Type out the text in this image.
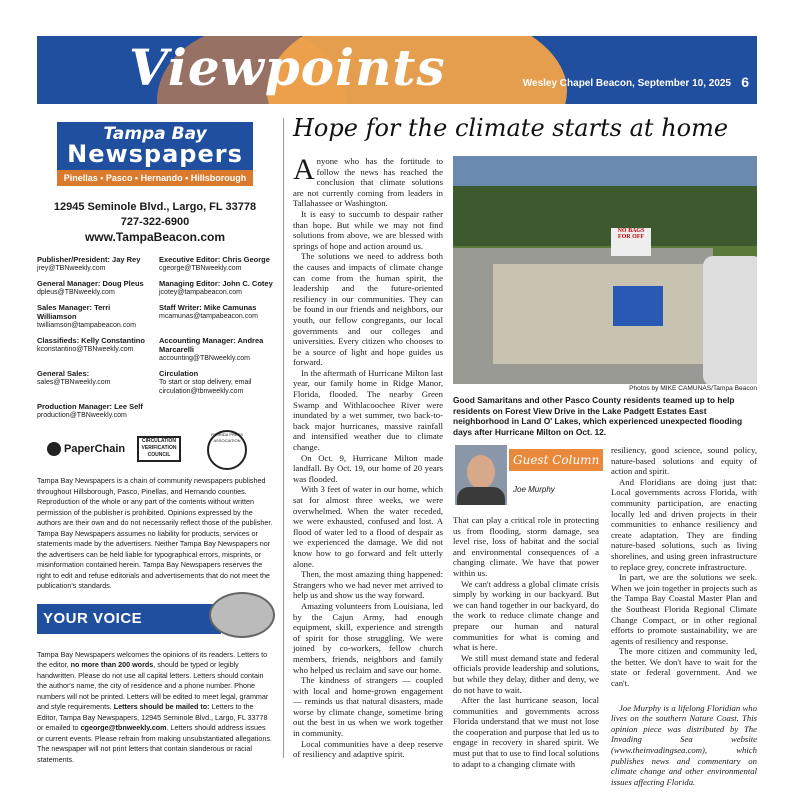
Viewpoints	Wesley Chapel Beacon, September 10, 2025 6
Tampa Bay
Newspapers
Pinellas • Pasco • Hernando • Hillsborough
12945 Seminole Blvd., Largo, FL 33778
727-322-6900
www.TampaBeacon.com
Publisher/President: Jay Rey
jrey@TBNweekly.com
Executive Editor: Chris George
cgeorge@TBNweekly.com
General Manager: Doug Pleus
dpleus@TBNweekly.com
Managing Editor: John C. Cotey
jcotey@tampabeacon.com
Sales Manager: Terri Williamson
twilliamson@tampabeacon.com
Staff Writer: Mike Camunas
mcamunas@tampabeacon.com
Classifieds: Kelly Constantino
kconstantino@TBNweekly.com
Accounting Manager: Andrea Marcarelli
accounting@TBNweekly.com
General Sales:
sales@TBNweekly.com
Circulation
To start or stop delivery, email circulation@tbnweekly.com
Production Manager: Lee Self
production@TBNweekly.com
PaperChain
CIRCULATION VERIFICATION COUNCIL
FLORIDA PRESS ASSOCIATION
Tampa Bay Newspapers is a chain of community newspapers published throughout Hillsborough, Pasco, Pinellas, and Hernando counties. Reproduction of the whole or any part of the contents without written permission of the publisher is prohibited. Opinions expressed by the authors are their own and do not necessarily reflect those of the publisher. Tampa Bay Newspapers assumes no liability for products, services or statements made by the advertisers. Neither Tampa Bay Newspapers nor the advertisers can be held liable for typographical errors, misprints, or misinformation contained herein. Tampa Bay Newspapers reserves the right to edit and refuse editorials and advertisements that do not meet the publication's standards.
YOUR VOICE
Tampa Bay Newspapers welcomes the opinions of its readers. Letters to the editor, no more than 200 words, should be typed or legibly handwritten. Please do not use all capital letters. Letters should contain the author's name, the city of residence and a phone number. Phone numbers will not be printed. Letters will be edited to meet legal, grammar and style requirements. Letters should be mailed to: Letters to the Editor, Tampa Bay Newspapers, 12945 Seminole Blvd., Largo, FL 33778 or emailed to cgeorge@tbnweekly.com. Letters should address issues or current events. Please refrain from making unsubstantiated allegations. The newspaper will not print letters that contain slanderous or racial statements.
Hope for the climate starts at home

Anyone who has the fortitude to follow the news has reached the conclusion that climate solutions are not currently coming from leaders in Tallahassee or Washington.

It is easy to succumb to despair rather than hope. But while we may not find solutions from above, we are blessed with springs of hope and action around us.

The solutions we need to address both the causes and impacts of climate change can come from the human spirit, the leadership and the future-oriented resiliency in our communities. They can be found in our friends and neighbors, our youth, our fellow congregants, our local governments and our colleges and universities. Every citizen who chooses to be a source of light and hope guides us forward.

In the aftermath of Hurricane Milton last year, our family home in Ridge Manor, Florida, flooded. The nearby Green Swamp and Withlacoochee River were inundated by a wet summer, two back-to-back major hurricanes, massive rainfall and intensified weather due to climate change.

On Oct. 9, Hurricane Milton made landfall. By Oct. 19, our home of 20 years was flooded.

With 3 feet of water in our home, which sat for almost three weeks, we were overwhelmed. When the water receded, we were exhausted, confused and lost. A flood of water led to a flood of despair as we experienced the damage. We did not know how to go forward and felt utterly alone.

Then, the most amazing thing happened: Strangers who we had never met arrived to help us and show us the way forward.

Amazing volunteers from Louisiana, led by the Cajun Army, had enough equipment, skill, experience and strength of spirit for those struggling. We were joined by co-workers, fellow church members, friends, neighbors and family who helped us reclaim and save our home.

The kindness of strangers — coupled with local and home-grown engagement — reminds us that natural disasters, made worse by climate change, sometime bring out the best in us when we work together in community.

Local communities have a deep reserve of resiliency and adaptive spirit.

NO BAGS FOR OFF
Photos by MIKE CAMUNAS/Tampa Beacon
Good Samaritans and other Pasco County residents teamed up to help residents on Forest View Drive in the Lake Padgett Estates East neighborhood in Land O' Lakes, which experienced unexpected flooding days after Hurricane Milton on Oct. 12.
Guest Column
Joe Murphy

That can play a critical role in protecting us from flooding, storm damage, sea level rise, loss of habitat and the social and environmental consequences of a changing climate. We have that power within us.

We can't address a global climate crisis simply by working in our backyard. But we can hand together in our backyard, do the work to reduce climate change and prepare our human and natural communities for what is coming and what is here.

We still must demand state and federal officials provide leadership and solutions, but while they delay, dither and deny, we do not have to wait.

After the last hurricane season, local communities and governments across Florida understand that we must not lose the cooperation and purpose that led us to engage in recovery in shared spirit. We must put that to use to find local solutions to adapt to a changing climate with

resiliency, good science, sound policy, nature-based solutions and equity of action and spirit.

And Floridians are doing just that: Local governments across Florida, with community participation, are enacting locally led and driven projects in their communities to enhance resiliency and create adaptation. They are finding nature-based solutions, such as living shorelines, and using green infrastructure to replace grey, concrete infrastructure.

In part, we are the solutions we seek. When we join together in projects such as the Tampa Bay Coastal Master Plan and the Southeast Florida Regional Climate Change Compact, or in other regional efforts to promote sustainability, we are agents of resiliency and response.

The more citizen and community led, the better. We don't have to wait for the state or federal government. And we can't.

Joe Murphy is a lifelong Floridian who lives on the southern Nature Coast. This opinion piece was distributed by The Invading Sea website (www.theinvadingsea.com), which publishes news and commentary on climate change and other environmental issues affecting Florida.
